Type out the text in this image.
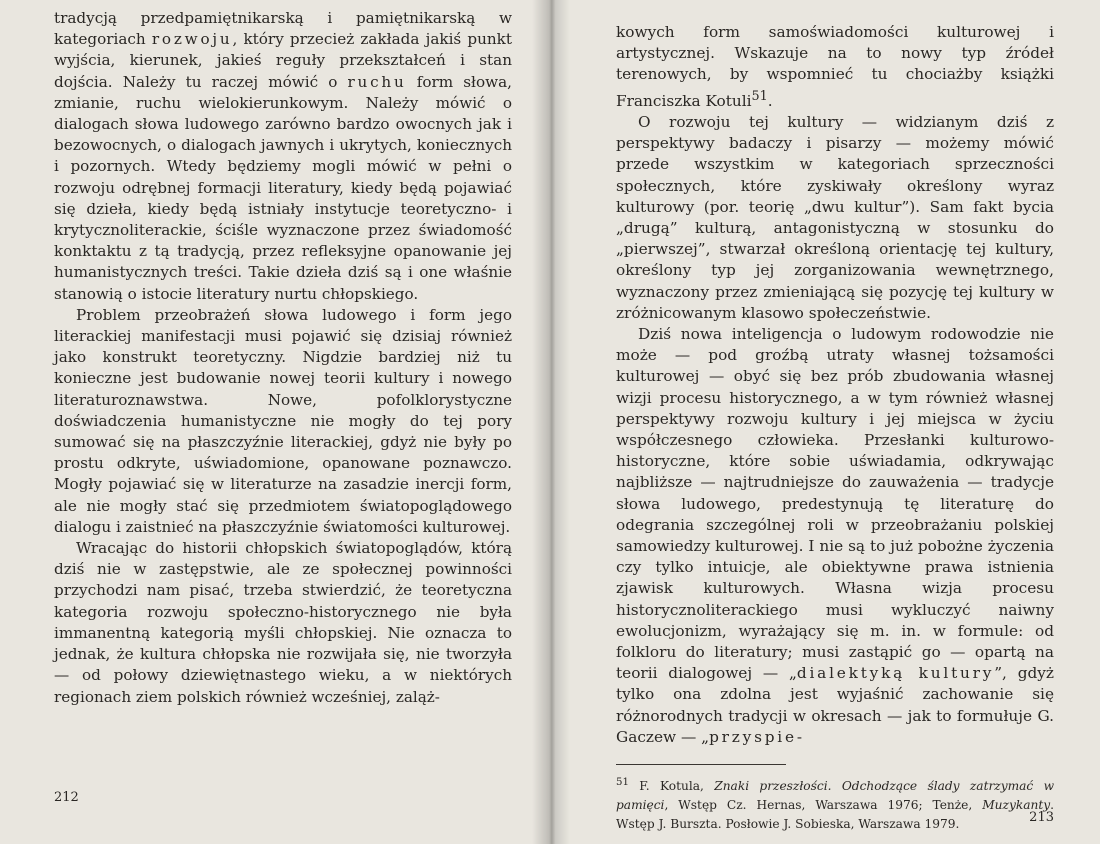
tradycją przedpamiętnikarską i pamiętnikarską w kategoriach rozwoju, który przecież zakłada jakiś punkt wyjścia, kierunek, jakieś reguły przekształceń i stan dojścia. Należy tu raczej mówić o ruchu form słowa, zmianie, ruchu wielokierunkowym. Należy mówić o dialogach słowa ludowego zarówno bardzo owocnych jak i bezowocnych, o dialogach jawnych i ukrytych, koniecznych i pozornych. Wtedy będziemy mogli mówić w pełni o rozwoju odrębnej formacji literatury, kiedy będą pojawiać się dzieła, kiedy będą istniały instytucje teoretyczno- i krytycznoliterackie, ściśle wyznaczone przez świadomość konktaktu z tą tradycją, przez refleksyjne opanowanie jej humanistycznych treści. Takie dzieła dziś są i one właśnie stanowią o istocie literatury nurtu chłopskiego.

Problem przeobrażeń słowa ludowego i form jego literackiej manifestacji musi pojawić się dzisiaj również jako konstrukt teoretyczny. Nigdzie bardziej niż tu konieczne jest budowanie nowej teorii kultury i nowego literaturoznawstwa. Nowe, pofolklorystyczne doświadczenia humanistyczne nie mogły do tej pory sumować się na płaszczyźnie literackiej, gdyż nie były po prostu odkryte, uświadomione, opanowane poznawczo. Mogły pojawiać się w literaturze na zasadzie inercji form, ale nie mogły stać się przedmiotem światopoglądowego dialogu i zaistnieć na płaszczyźnie światomości kulturowej.

Wracając do historii chłopskich światopoglądów, którą dziś nie w zastępstwie, ale ze społecznej powinności przychodzi nam pisać, trzeba stwierdzić, że teoretyczna kategoria rozwoju społeczno-historycznego nie była immanentną kategorią myśli chłopskiej. Nie oznacza to jednak, że kultura chłopska nie rozwijała się, nie tworzyła — od połowy dziewiętnastego wieku, a w niektórych regionach ziem polskich również wcześniej, zaląż-

212

kowych form samoświadomości kulturowej i artystycznej. Wskazuje na to nowy typ źródeł terenowych, by wspomnieć tu chociażby książki Franciszka Kotuli$^{51}$.

O rozwoju tej kultury — widzianym dziś z perspektywy badaczy i pisarzy — możemy mówić przede wszystkim w kategoriach sprzeczności społecznych, które zyskiwały określony wyraz kulturowy (por. teorię „dwu kultur”). Sam fakt bycia „drugą” kulturą, antagonistyczną w stosunku do „pierwszej”, stwarzał określoną orientację tej kultury, określony typ jej zorganizowania wewnętrznego, wyznaczony przez zmieniającą się pozycję tej kultury w zróżnicowanym klasowo społeczeństwie.

Dziś nowa inteligencja o ludowym rodowodzie nie może — pod groźbą utraty własnej tożsamości kulturowej — obyć się bez prób zbudowania własnej wizji procesu historycznego, a w tym również własnej perspektywy rozwoju kultury i jej miejsca w życiu współczesnego człowieka. Przesłanki kulturowo-historyczne, które sobie uświadamia, odkrywając najbliższe — najtrudniejsze do zauważenia — tradycje słowa ludowego, predestynują tę literaturę do odegrania szczególnej roli w przeobrażaniu polskiej samowiedzy kulturowej. I nie są to już pobożne życzenia czy tylko intuicje, ale obiektywne prawa istnienia zjawisk kulturowych. Własna wizja procesu historycznoliterackiego musi wykluczyć naiwny ewolucjonizm, wyrażający się m. in. w formule: od folkloru do literatury; musi zastąpić go — opartą na teorii dialogowej — „dialektyką kultury”, gdyż tylko ona zdolna jest wyjaśnić zachowanie się różnorodnych tradycji w okresach — jak to formułuje G. Gaczew — „przyspie-

$^{51}$ F. Kotula, Znaki przeszłości. Odchodzące ślady zatrzymać w pamięci, Wstęp Cz. Hernas, Warszawa 1976; Tenże, Muzykanty. Wstęp J. Burszta. Posłowie J. Sobieska, Warszawa 1979.	213
